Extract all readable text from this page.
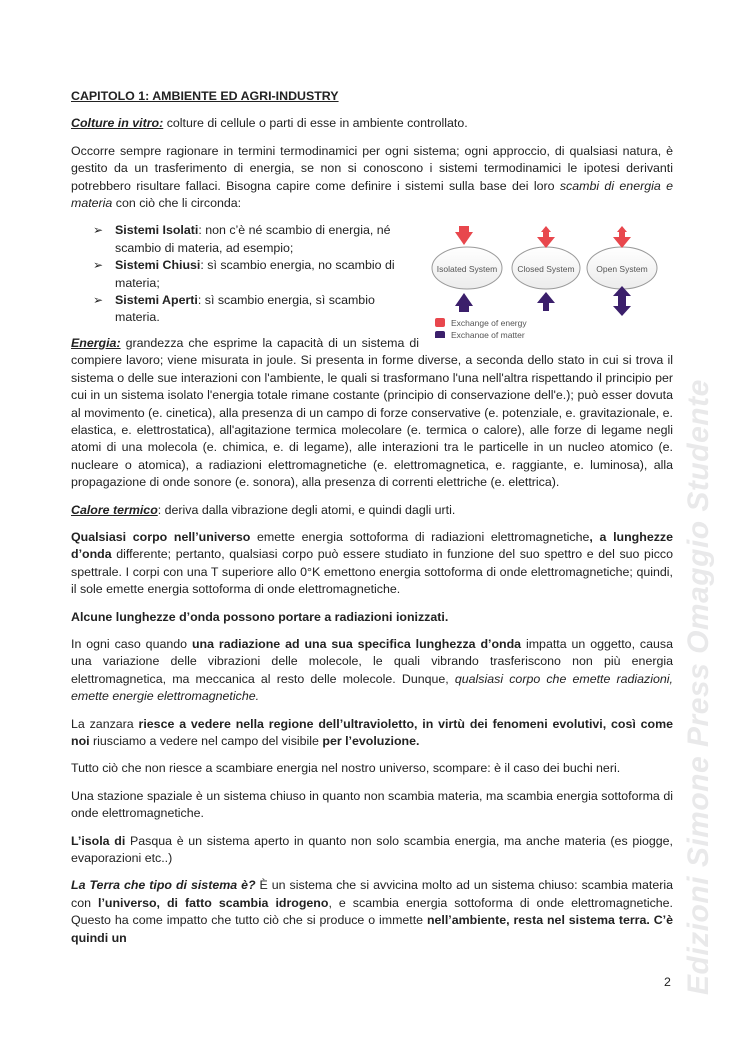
Edizioni Simone Press Omaggio Studente
CAPITOLO 1: AMBIENTE ED AGRI-INDUSTRY

Colture in vitro: colture di cellule o parti di esse in ambiente controllato.

Occorre sempre ragionare in termini termodinamici per ogni sistema; ogni approccio, di qualsiasi natura, è gestito da un trasferimento di energia, se non si conoscono i sistemi termodinamici le ipotesi derivanti potrebbero risultare fallaci. Bisogna capire come definire i sistemi sulla base dei loro scambi di energia e materia con ciò che li circonda:

Isolated System Closed System	Open System
Exchange of energy
Exchange of matter
➢ Sistemi Isolati: non c’è né scambio di energia, né scambio di materia, ad esempio;
➢ Sistemi Chiusi: sì scambio energia, no scambio di materia;
➢ Sistemi Aperti: sì scambio energia, sì scambio materia.

Energia: grandezza che esprime la capacità di un sistema di compiere lavoro; viene misurata in joule. Si presenta in forme diverse, a seconda dello stato in cui si trova il sistema o delle sue interazioni con l'ambiente, le quali si trasformano l'una nell'altra rispettando il principio per cui in un sistema isolato l'energia totale rimane costante (principio di conservazione dell'e.); può esser dovuta al movimento (e. cinetica), alla presenza di un campo di forze conservative (e. potenziale, e. gravitazionale, e. elastica, e. elettrostatica), all'agitazione termica molecolare (e. termica o calore), alle forze di legame negli atomi di una molecola (e. chimica, e. di legame), alle interazioni tra le particelle in un nucleo atomico (e. nucleare o atomica), a radiazioni elettromagnetiche (e. elettromagnetica, e. raggiante, e. luminosa), alla propagazione di onde sonore (e. sonora), alla presenza di correnti elettriche (e. elettrica).

Calore termico: deriva dalla vibrazione degli atomi, e quindi dagli urti.

Qualsiasi corpo nell’universo emette energia sottoforma di radiazioni elettromagnetiche, a lunghezze d’onda differente; pertanto, qualsiasi corpo può essere studiato in funzione del suo spettro e del suo picco spettrale. I corpi con una T superiore allo 0°K emettono energia sottoforma di onde elettromagnetiche; quindi, il sole emette energia sottoforma di onde elettromagnetiche.

Alcune lunghezze d’onda possono portare a radiazioni ionizzati.

In ogni caso quando una radiazione ad una sua specifica lunghezza d’onda impatta un oggetto, causa una variazione delle vibrazioni delle molecole, le quali vibrando trasferiscono non più energia elettromagnetica, ma meccanica al resto delle molecole. Dunque, qualsiasi corpo che emette radiazioni, emette energie elettromagnetiche.

La zanzara riesce a vedere nella regione dell’ultravioletto, in virtù dei fenomeni evolutivi, così come noi riusciamo a vedere nel campo del visibile per l’evoluzione.

Tutto ciò che non riesce a scambiare energia nel nostro universo, scompare: è il caso dei buchi neri.

Una stazione spaziale è un sistema chiuso in quanto non scambia materia, ma scambia energia sottoforma di onde elettromagnetiche.

L’isola di Pasqua è un sistema aperto in quanto non solo scambia energia, ma anche materia (es piogge, evaporazioni etc..)

La Terra che tipo di sistema è? È un sistema che si avvicina molto ad un sistema chiuso: scambia materia con l’universo, di fatto scambia idrogeno, e scambia energia sottoforma di onde elettromagnetiche. Questo ha come impatto che tutto ciò che si produce o immette nell’ambiente, resta nel sistema terra. C’è quindi un

2
